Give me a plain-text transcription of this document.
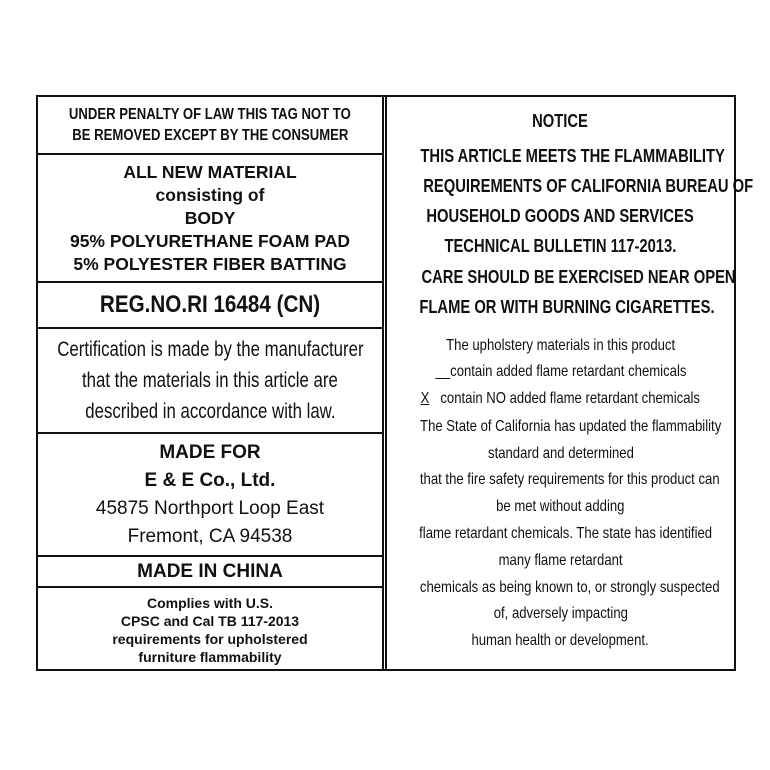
UNDER PENALTY OF LAW THIS TAG NOT TO
BE REMOVED EXCEPT BY THE CONSUMER
ALL NEW MATERIAL
consisting of
BODY
95% POLYURETHANE FOAM PAD
5% POLYESTER FIBER BATTING
REG.NO.RI 16484 (CN)
Certification is made by the manufacturer
that the materials in this article are
described in accordance with law.
MADE FOR
E & E Co., Ltd.
45875 Northport Loop East
Fremont, CA 94538
MADE IN CHINA
Complies with U.S.
CPSC and Cal TB 117-2013
requirements for upholstered
furniture flammability
NOTICE
THIS ARTICLE MEETS THE FLAMMABILITY
REQUIREMENTS OF CALIFORNIA BUREAU OF
HOUSEHOLD GOODS AND SERVICES
TECHNICAL BULLETIN 117-2013.
CARE SHOULD BE EXERCISED NEAR OPEN
FLAME OR WITH BURNING CIGARETTES.
The upholstery materials in this product
__contain added flame retardant chemicals
X contain NO added flame retardant chemicals
The State of California has updated the flammability
standard and determined
that the fire safety requirements for this product can
be met without adding
flame retardant chemicals. The state has identified
many flame retardant
chemicals as being known to, or strongly suspected
of, adversely impacting
human health or development.
